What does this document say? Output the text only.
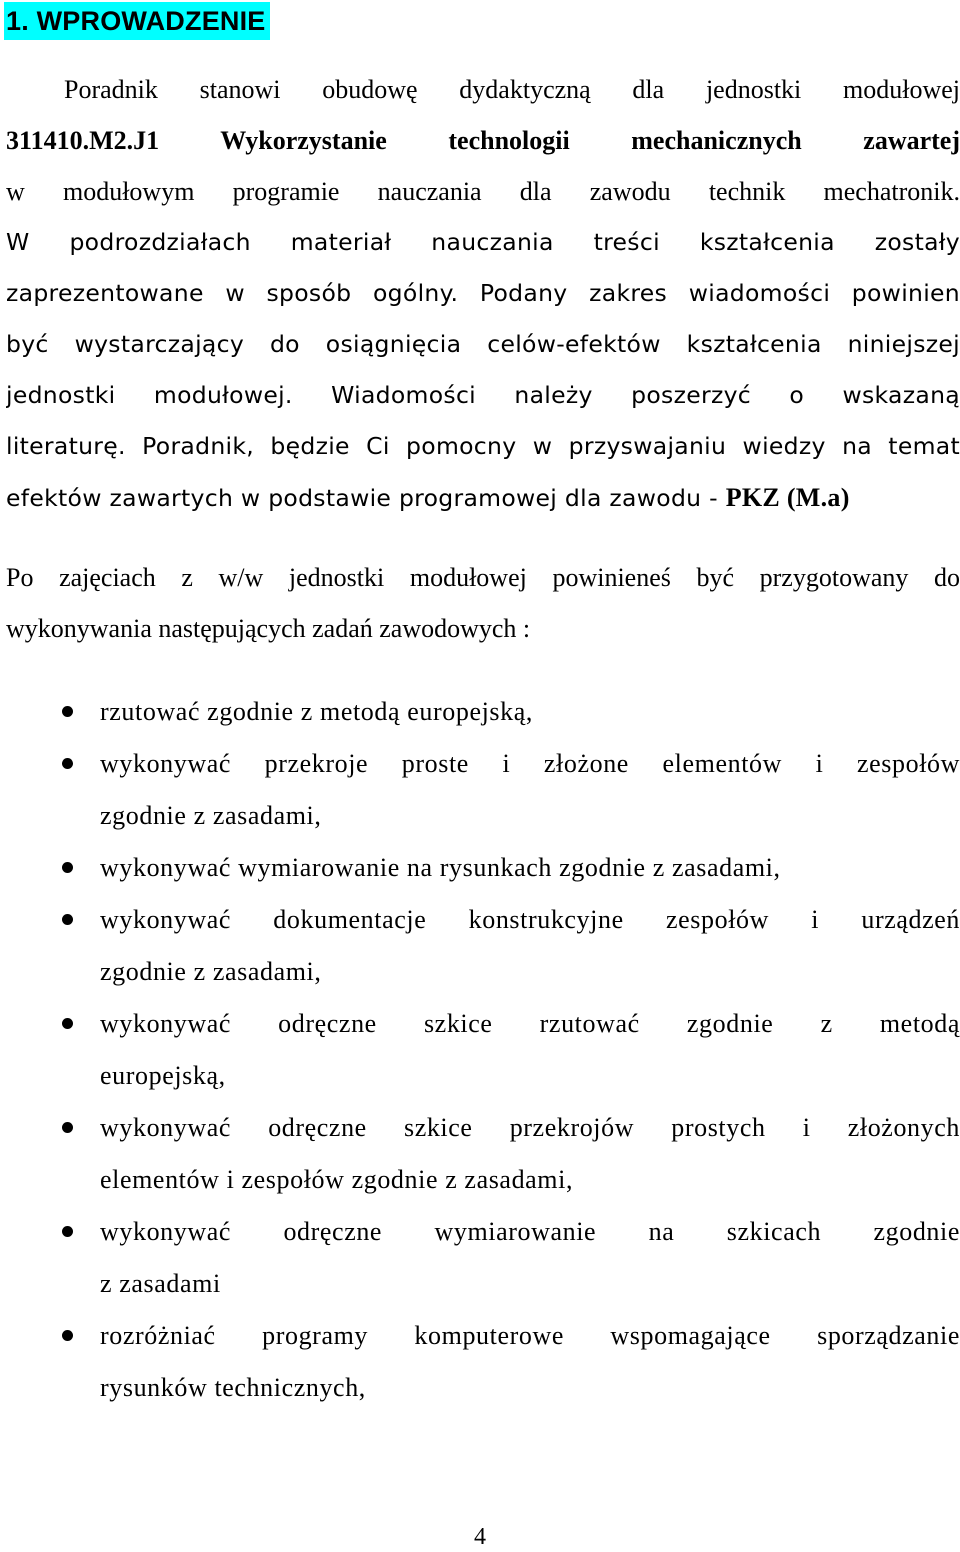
1. WPROWADZENIE
Poradnik stanowi obudowę dydaktyczną dla jednostki modułowej
311410.M2.J1 Wykorzystanie technologii mechanicznych zawartej
w modułowym programie nauczania dla zawodu technik mechatronik.
W podrozdziałach materiał nauczania treści kształcenia zostały
zaprezentowane w sposób ogólny. Podany zakres wiadomości powinien
być wystarczający do osiągnięcia celów-efektów kształcenia niniejszej
jednostki modułowej. Wiadomości należy poszerzyć o wskazaną
literaturę. Poradnik, będzie Ci pomocny w przyswajaniu wiedzy na temat
efektów zawartych w podstawie programowej dla zawodu - PKZ (M.a)
Po zajęciach z w/w jednostki modułowej powinieneś być przygotowany do
wykonywania następujących zadań zawodowych :
rzutować zgodnie z metodą europejską,
wykonywać przekroje proste i złożone elementów i zespołów
zgodnie z zasadami,
wykonywać wymiarowanie na rysunkach zgodnie z zasadami,
wykonywać dokumentacje konstrukcyjne zespołów i urządzeń
zgodnie z zasadami,
wykonywać odręczne szkice rzutować zgodnie z metodą
europejską,
wykonywać odręczne szkice przekrojów prostych i złożonych
elementów i zespołów zgodnie z zasadami,
wykonywać odręczne wymiarowanie na szkicach zgodnie
z zasadami
rozróżniać programy komputerowe wspomagające sporządzanie
rysunków technicznych,
4
